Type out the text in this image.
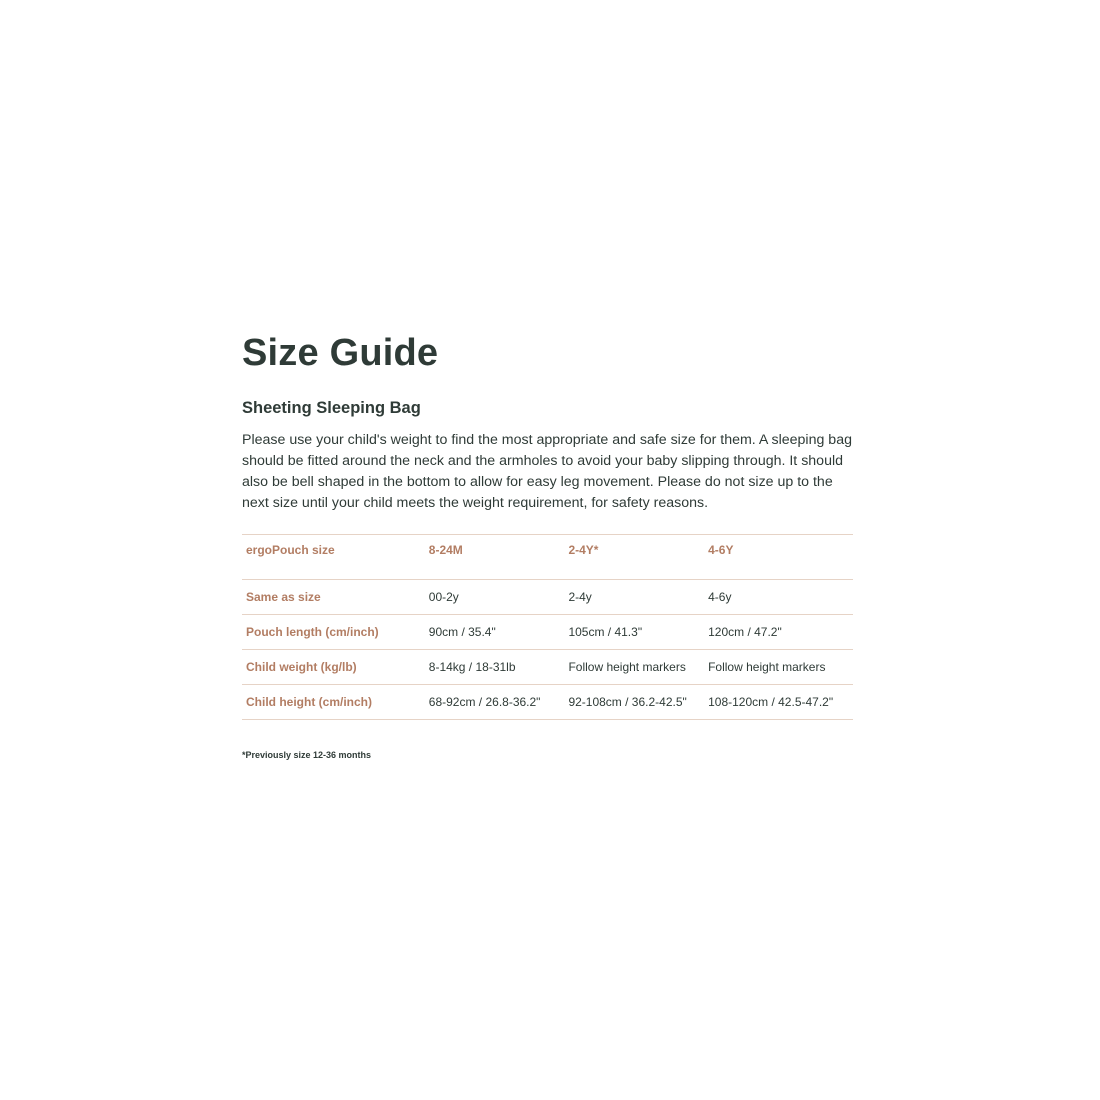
Size Guide
Sheeting Sleeping Bag

Please use your child's weight to find the most appropriate and safe size for them. A sleeping bag should be fitted around the neck and the armholes to avoid your baby slipping through. It should also be bell shaped in the bottom to allow for easy leg movement. Please do not size up to the next size until your child meets the weight requirement, for safety reasons.

ergoPouch size	8-24M	2-4Y*	4-6Y
Same as size	00-2y	2-4y	4-6y
Pouch length (cm/inch)	90cm / 35.4"	105cm / 41.3"	120cm / 47.2"
Child weight (kg/lb)	8-14kg / 18-31lb	Follow height markers	Follow height markers
Child height (cm/inch)	68-92cm / 26.8-36.2"	92-108cm / 36.2-42.5"	108-120cm / 42.5-47.2"

*Previously size 12-36 months
